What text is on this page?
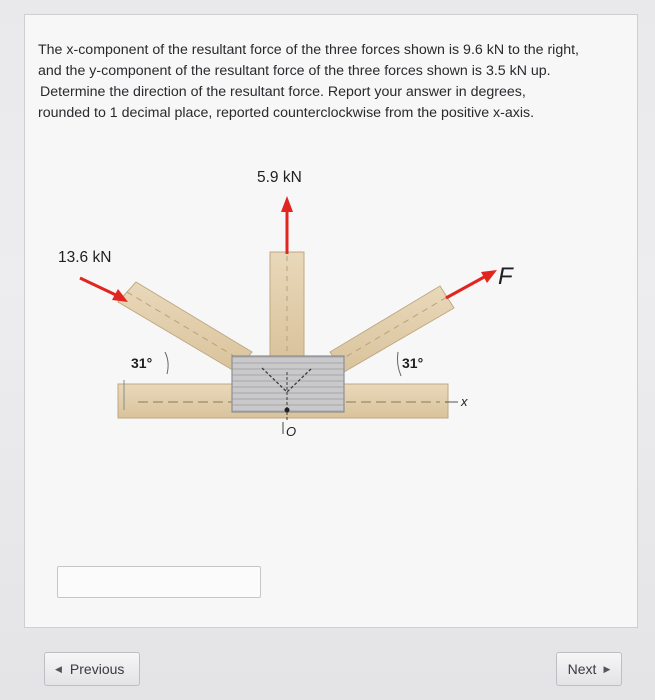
The x-component of the resultant force of the three forces shown is 9.6 kN to the right,
and the y-component of the resultant force of the three forces shown is 3.5 kN up.
Determine the direction of the resultant force. Report your answer in degrees,
rounded to 1 decimal place, reported counterclockwise from the positive x-axis.
x
O
5.9 kN
13.6 kN
F
31°	31°
◀ Previous	Next ▶
